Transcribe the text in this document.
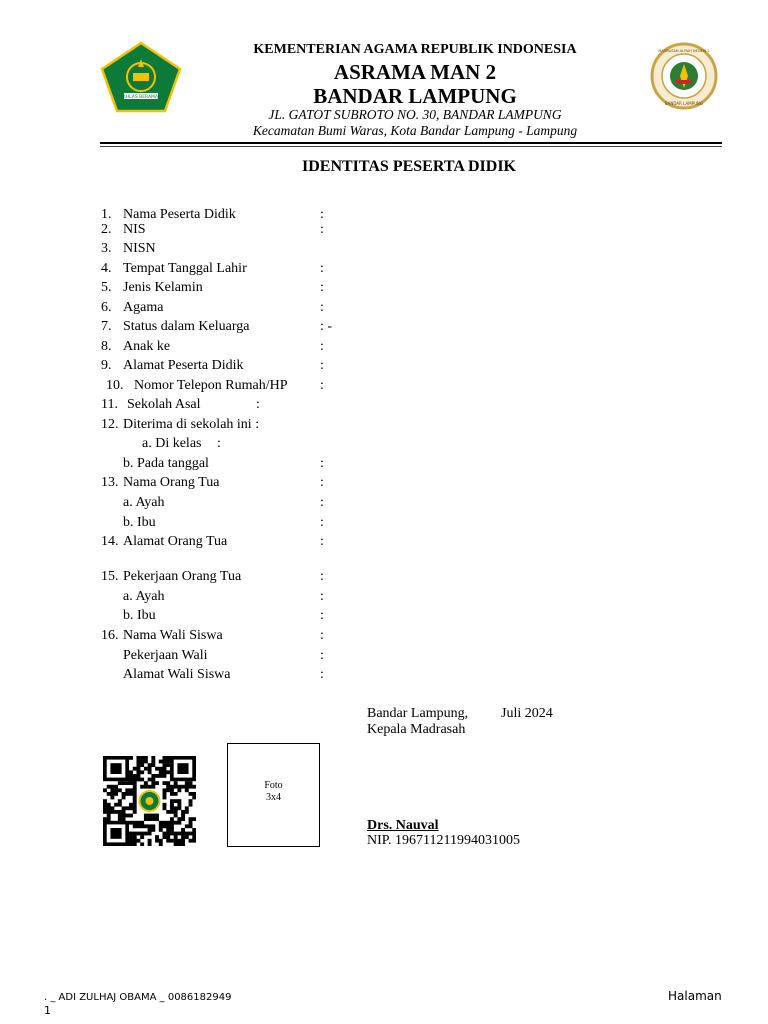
IKHLAS BERAMAL
KEMENTERIAN AGAMA REPUBLIK INDONESIA
ASRAMA MAN 2
BANDAR LAMPUNG
JL. GATOT SUBROTO NO. 30, BANDAR LAMPUNG
Kecamatan Bumi Waras, Kota Bandar Lampung - Lampung
MADRASAH ALIYAH NEGERI 2
BANDAR LAMPUNG
IDENTITAS PESERTA DIDIK
1. Nama Peserta Didik	:
2. NIS	:
3. NISN
4. Tempat Tanggal Lahir	:
5. Jenis Kelamin	:
6. Agama	:
7. Status dalam Keluarga	: -
8. Anak ke	:
9. Alamat Peserta Didik	:
10. Nomor Telepon Rumah/HP :
11. Sekolah Asal	:
12. Diterima di sekolah ini :
a. Di kelas :
b. Pada tanggal	:
13. Nama Orang Tua	:
a. Ayah	:
b. Ibu	:
14. Alamat Orang Tua	:
15. Pekerjaan Orang Tua	:
a. Ayah	:
b. Ibu	:
16. Nama Wali Siswa	:
Pekerjaan Wali	:
Alamat Wali Siswa	:
Bandar Lampung, Juli 2024
Kepala Madrasah
Drs. Nauval
NIP. 196711211994031005
Foto
3x4
. _ ADI ZULHAJ OBAMA _ 0086182949
1
Halaman
